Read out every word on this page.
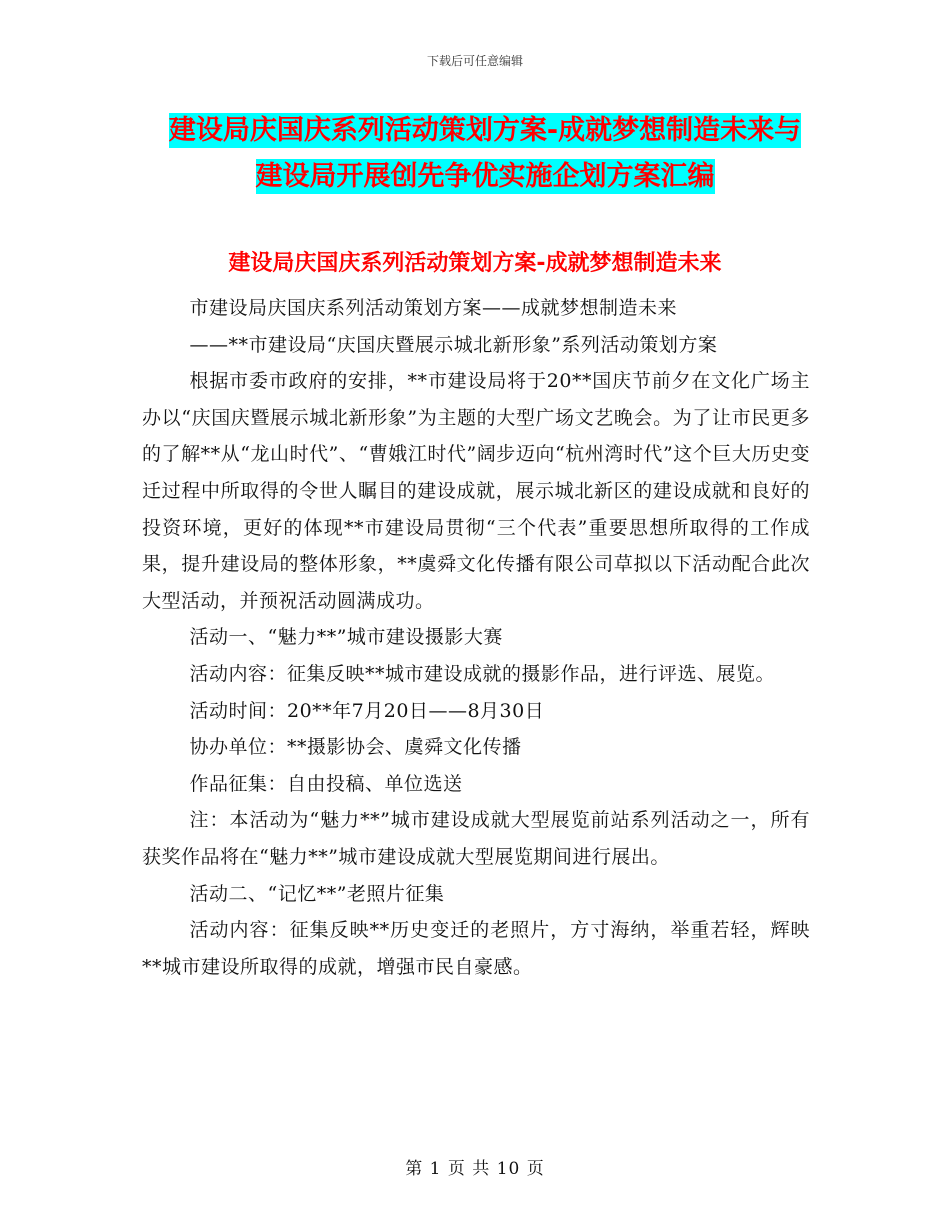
下载后可任意编辑
建设局庆国庆系列活动策划方案-成就梦想制造未来与
建设局开展创先争优实施企划方案汇编
建设局庆国庆系列活动策划方案-成就梦想制造未来

市建设局庆国庆系列活动策划方案——成就梦想制造未来

——**市建设局“庆国庆暨展示城北新形象”系列活动策划方案

根据市委市政府的安排，**市建设局将于20**国庆节前夕在文化广场主办以“庆国庆暨展示城北新形象”为主题的大型广场文艺晚会。为了让市民更多的了解**从“龙山时代”、“曹娥江时代”阔步迈向“杭州湾时代”这个巨大历史变迁过程中所取得的令世人瞩目的建设成就，展示城北新区的建设成就和良好的投资环境，更好的体现**市建设局贯彻“三个代表”重要思想所取得的工作成果，提升建设局的整体形象，**虞舜文化传播有限公司草拟以下活动配合此次大型活动，并预祝活动圆满成功。

活动一、“魅力**”城市建设摄影大赛

活动内容：征集反映**城市建设成就的摄影作品，进行评选、展览。

活动时间：20**年7月20日——8月30日

协办单位：**摄影协会、虞舜文化传播

作品征集：自由投稿、单位选送

注：本活动为“魅力**”城市建设成就大型展览前站系列活动之一，所有获奖作品将在“魅力**”城市建设成就大型展览期间进行展出。

活动二、“记忆**”老照片征集

活动内容：征集反映**历史变迁的老照片，方寸海纳，举重若轻，辉映**城市建设所取得的成就，增强市民自豪感。

第 1 页 共 10 页
